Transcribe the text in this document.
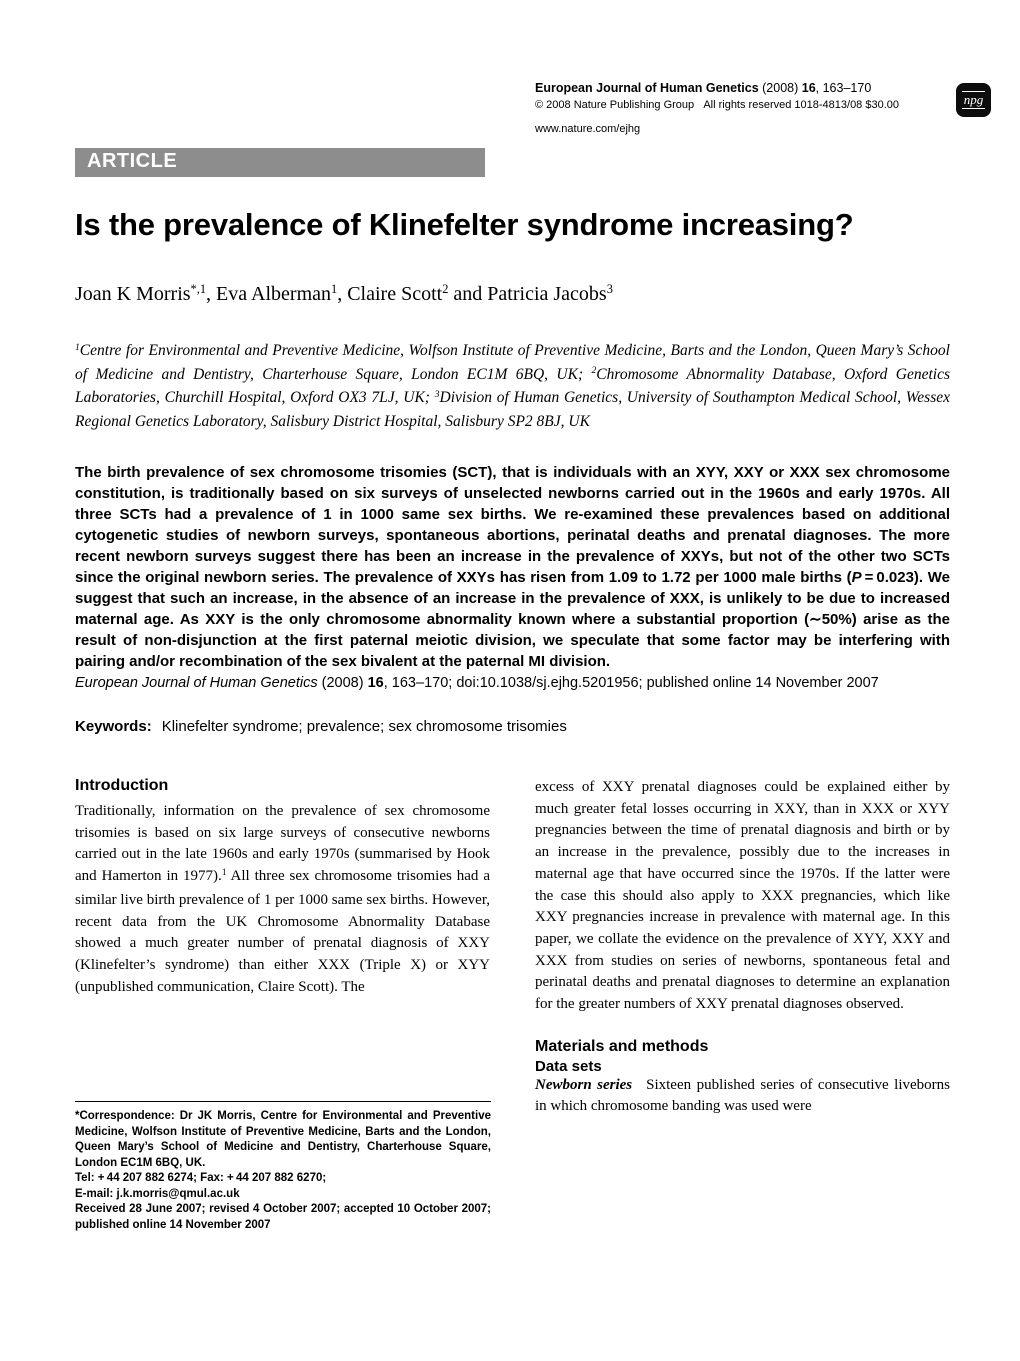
European Journal of Human Genetics (2008) 16, 163–170
© 2008 Nature Publishing Group   All rights reserved 1018-4813/08 $30.00
www.nature.com/ejhg
npg
ARTICLE
Is the prevalence of Klinefelter syndrome increasing?
Joan K Morris$^{*,1}$, Eva Alberman$^1$, Claire Scott$^2$ and Patricia Jacobs$^3$
$^1$Centre for Environmental and Preventive Medicine, Wolfson Institute of Preventive Medicine, Barts and the London, Queen Mary’s School of Medicine and Dentistry, Charterhouse Square, London EC1M 6BQ, UK; $^2$Chromosome Abnormality Database, Oxford Genetics Laboratories, Churchill Hospital, Oxford OX3 7LJ, UK; $^3$Division of Human Genetics, University of Southampton Medical School, Wessex Regional Genetics Laboratory, Salisbury District Hospital, Salisbury SP2 8BJ, UK
The birth prevalence of sex chromosome trisomies (SCT), that is individuals with an XYY, XXY or XXX sex chromosome constitution, is traditionally based on six surveys of unselected newborns carried out in the 1960s and early 1970s. All three SCTs had a prevalence of 1 in 1000 same sex births. We re-examined these prevalences based on additional cytogenetic studies of newborn surveys, spontaneous abortions, perinatal deaths and prenatal diagnoses. The more recent newborn surveys suggest there has been an increase in the prevalence of XXYs, but not of the other two SCTs since the original newborn series. The prevalence of XXYs has risen from 1.09 to 1.72 per 1000 male births (P = 0.023). We suggest that such an increase, in the absence of an increase in the prevalence of XXX, is unlikely to be due to increased maternal age. As XXY is the only chromosome abnormality known where a substantial proportion (∼50%) arise as the result of non-disjunction at the first paternal meiotic division, we speculate that some factor may be interfering with pairing and/or recombination of the sex bivalent at the paternal MI division.
European Journal of Human Genetics (2008) 16, 163–170; doi:10.1038/sj.ejhg.5201956; published online 14 November 2007
Keywords: Klinefelter syndrome; prevalence; sex chromosome trisomies
Introduction

Traditionally, information on the prevalence of sex chromosome trisomies is based on six large surveys of consecutive newborns carried out in the late 1960s and early 1970s (summarised by Hook and Hamerton in 1977).$^1$ All three sex chromosome trisomies had a similar live birth prevalence of 1 per 1000 same sex births. However, recent data from the UK Chromosome Abnormality Database showed a much greater number of prenatal diagnosis of XXY (Klinefelter’s syndrome) than either XXX (Triple X) or XYY (unpublished communication, Claire Scott). The

excess of XXY prenatal diagnoses could be explained either by much greater fetal losses occurring in XXY, than in XXX or XYY pregnancies between the time of prenatal diagnosis and birth or by an increase in the prevalence, possibly due to the increases in maternal age that have occurred since the 1970s. If the latter were the case this should also apply to XXX pregnancies, which like XXY pregnancies increase in prevalence with maternal age. In this paper, we collate the evidence on the prevalence of XYY, XXY and XXX from studies on series of newborns, spontaneous fetal and perinatal deaths and prenatal diagnoses to determine an explanation for the greater numbers of XXY prenatal diagnoses observed.

Materials and methods
Data sets

Newborn series Sixteen published series of consecutive liveborns in which chromosome banding was used were

*Correspondence: Dr JK Morris, Centre for Environmental and Preventive Medicine, Wolfson Institute of Preventive Medicine, Barts and the London, Queen Mary’s School of Medicine and Dentistry, Charterhouse Square, London EC1M 6BQ, UK.
Tel: + 44 207 882 6274; Fax: + 44 207 882 6270;
E-mail: j.k.morris@qmul.ac.uk
Received 28 June 2007; revised 4 October 2007; accepted 10 October 2007; published online 14 November 2007
